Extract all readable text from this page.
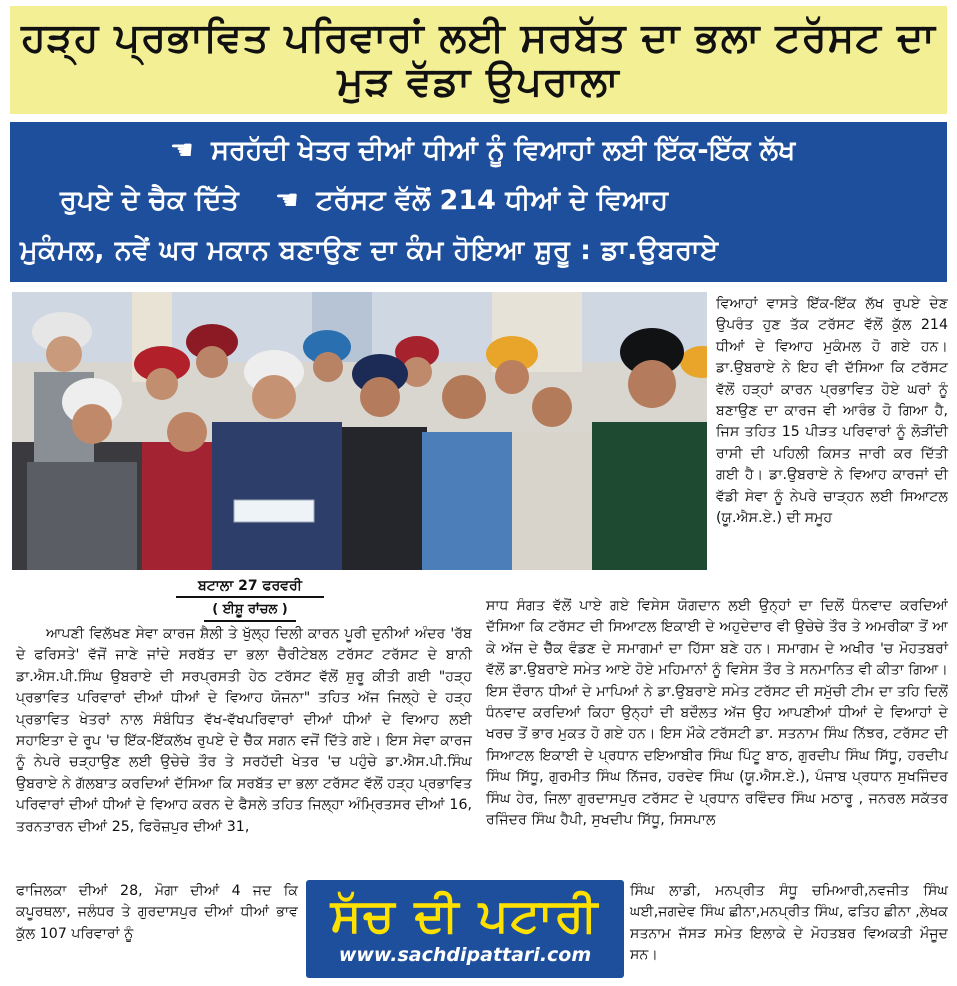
ਹੜ੍ਹ ਪ੍ਰਭਾਵਿਤ ਪਰਿਵਾਰਾਂ ਲਈ ਸਰਬੱਤ ਦਾ ਭਲਾ ਟਰੱਸਟ ਦਾ ਮੁੜ ਵੱਡਾ ਉਪਰਾਲਾ
☚ ਸਰਹੱਦੀ ਖੇਤਰ ਦੀਆਂ ਧੀਆਂ ਨੂੰ ਵਿਆਹਾਂ ਲਈ ਇੱਕ-ਇੱਕ ਲੱਖ
ਰੁਪਏ ਦੇ ਚੈਕ ਦਿੱਤੇ ☚ ਟਰੱਸਟ ਵੱਲੋਂ 214 ਧੀਆਂ ਦੇ ਵਿਆਹ
ਮੁਕੰਮਲ, ਨਵੇਂ ਘਰ ਮਕਾਨ ਬਣਾਉਣ ਦਾ ਕੰਮ ਹੋਇਆ ਸ਼ੁਰੂ : ਡਾ.ਉਬਰਾਏ

ਵਿਆਹਾਂ ਵਾਸਤੇ ਇੱਕ-ਇੱਕ ਲੱਖ ਰੁਪਏ ਦੇਣ ਉਪਰੰਤ ਹੁਣ ਤੱਕ ਟਰੱਸਟ ਵੱਲੋਂ ਕੁੱਲ 214 ਧੀਆਂ ਦੇ ਵਿਆਹ ਮੁਕੰਮਲ ਹੋ ਗਏ ਹਨ। ਡਾ.ਉਬਰਾਏ ਨੇ ਇਹ ਵੀ ਦੱਸਿਆ ਕਿ ਟਰੱਸਟ ਵੱਲੋਂ ਹੜ੍ਹਾਂ ਕਾਰਨ ਪ੍ਰਭਾਵਿਤ ਹੋਏ ਘਰਾਂ ਨੂੰ ਬਣਾਉਣ ਦਾ ਕਾਰਜ ਵੀ ਆਰੰਭ ਹੋ ਗਿਆ ਹੈ, ਜਿਸ ਤਹਿਤ 15 ਪੀੜਤ ਪਰਿਵਾਰਾਂ ਨੂੰ ਲੋੜੀਂਦੀ ਰਾਸੀ ਦੀ ਪਹਿਲੀ ਕਿਸਤ ਜਾਰੀ ਕਰ ਦਿੱਤੀ ਗਈ ਹੈ। ਡਾ.ਉਬਰਾਏ ਨੇ ਵਿਆਹ ਕਾਰਜਾਂ ਦੀ ਵੱਡੀ ਸੇਵਾ ਨੂੰ ਨੇਪਰੇ ਚਾੜ੍ਹਨ ਲਈ ਸਿਆਟਲ (ਯੂ.ਐਸ.ਏ.) ਦੀ ਸਮੂਹ

ਬਟਾਲਾ 27 ਫਰਵਰੀ
( ਈਸ਼ੂ ਰਾਂਚਲ )

ਆਪਣੀ ਵਿਲੱਖਣ ਸੇਵਾ ਕਾਰਜ ਸ਼ੈਲੀ ਤੇ ਖੁੱਲ੍ਹ ਦਿਲੀ ਕਾਰਨ ਪੂਰੀ ਦੁਨੀਆਂ ਅੰਦਰ 'ਰੱਬ ਦੇ ਫਰਿਸਤੇ' ਵੱਜੋਂ ਜਾਣੇ ਜਾਂਦੇ ਸਰਬੱਤ ਦਾ ਭਲਾ ਚੈਰੀਟੇਬਲ ਟਰੱਸਟ ਟਰੱਸਟ ਦੇ ਬਾਨੀ ਡਾ.ਐਸ.ਪੀ.ਸਿੰਘ ਉਬਰਾਏ ਦੀ ਸਰਪ੍ਰਸਤੀ ਹੇਠ ਟਰੱਸਟ ਵੱਲੋਂ ਸ਼ੁਰੂ ਕੀਤੀ ਗਈ "ਹੜ੍ਹ ਪ੍ਰਭਾਵਿਤ ਪਰਿਵਾਰਾਂ ਦੀਆਂ ਧੀਆਂ ਦੇ ਵਿਆਹ ਯੋਜਨਾ" ਤਹਿਤ ਅੱਜ ਜਿਲ੍ਹੇ ਦੇ ਹੜ੍ਹ ਪ੍ਰਭਾਵਿਤ ਖੇਤਰਾਂ ਨਾਲ ਸੰਬੰਧਿਤ ਵੱਖ-ਵੱਖਪਰਿਵਾਰਾਂ ਦੀਆਂ ਧੀਆਂ ਦੇ ਵਿਆਹ ਲਈ ਸਹਾਇਤਾ ਦੇ ਰੂਪ 'ਚ ਇੱਕ-ਇੱਕਲੱਖ ਰੁਪਏ ਦੇ ਚੈੱਕ ਸਗਨ ਵਜੋਂ ਦਿੱਤੇ ਗਏ। ਇਸ ਸੇਵਾ ਕਾਰਜ ਨੂੰ ਨੇਪਰੇ ਚੜ੍ਹਾਉਣ ਲਈ ਉਚੇਚੇ ਤੌਰ ਤੇ ਸਰਹੱਦੀ ਖੇਤਰ 'ਚ ਪਹੁੰਚੇ ਡਾ.ਐਸ.ਪੀ.ਸਿੰਘ ਉਬਰਾਏ ਨੇ ਗੱਲਬਾਤ ਕਰਦਿਆਂ ਦੱਸਿਆ ਕਿ ਸਰਬੱਤ ਦਾ ਭਲਾ ਟਰੱਸਟ ਵੱਲੋਂ ਹੜ੍ਹ ਪ੍ਰਭਾਵਿਤ ਪਰਿਵਾਰਾਂ ਦੀਆਂ ਧੀਆਂ ਦੇ ਵਿਆਹ ਕਰਨ ਦੇ ਫੈਸਲੇ ਤਹਿਤ ਜਿਲ੍ਹਾ ਅੰਮ੍ਰਿਤਸਰ ਦੀਆਂ 16, ਤਰਨਤਾਰਨ ਦੀਆਂ 25, ਫਿਰੋਜ਼ਪੁਰ ਦੀਆਂ 31,

ਸਾਧ ਸੰਗਤ ਵੱਲੋਂ ਪਾਏ ਗਏ ਵਿਸੇਸ ਯੋਗਦਾਨ ਲਈ ਉਨ੍ਹਾਂ ਦਾ ਦਿਲੋਂ ਧੰਨਵਾਦ ਕਰਦਿਆਂ ਦੱਸਿਆ ਕਿ ਟਰੱਸਟ ਦੀ ਸਿਆਟਲ ਇਕਾਈ ਦੇ ਅਹੁਦੇਦਾਰ ਵੀ ਉਚੇਚੇ ਤੌਰ ਤੇ ਅਮਰੀਕਾ ਤੋਂ ਆ ਕੇ ਅੱਜ ਦੇ ਚੈੱਕ ਵੰਡਣ ਦੇ ਸਮਾਗਮਾਂ ਦਾ ਹਿੱਸਾ ਬਣੇ ਹਨ। ਸਮਾਗਮ ਦੇ ਅਖੀਰ 'ਚ ਮੋਹਤਬਰਾਂ ਵੱਲੋਂ ਡਾ.ਉਬਰਾਏ ਸਮੇਤ ਆਏ ਹੋਏ ਮਹਿਮਾਨਾਂ ਨੂੰ ਵਿਸੇਸ ਤੌਰ ਤੇ ਸਨਮਾਨਿਤ ਵੀ ਕੀਤਾ ਗਿਆ। ਇਸ ਦੌਰਾਨ ਧੀਆਂ ਦੇ ਮਾਪਿਆਂ ਨੇ ਡਾ.ਉਬਰਾਏ ਸਮੇਤ ਟਰੱਸਟ ਦੀ ਸਮੁੱਚੀ ਟੀਮ ਦਾ ਤਹਿ ਦਿਲੋਂ ਧੰਨਵਾਦ ਕਰਦਿਆਂ ਕਿਹਾ ਉਨ੍ਹਾਂ ਦੀ ਬਦੌਲਤ ਅੱਜ ਉਹ ਆਪਣੀਆਂ ਧੀਆਂ ਦੇ ਵਿਆਹਾਂ ਦੇ ਖਰਚ ਤੋਂ ਭਾਰ ਮੁਕਤ ਹੋ ਗਏ ਹਨ। ਇਸ ਮੌਕੇ ਟਰੱਸਟੀ ਡਾ. ਸਤਨਾਮ ਸਿੰਘ ਨਿੱਝਰ, ਟਰੱਸਟ ਦੀ ਸਿਆਟਲ ਇਕਾਈ ਦੇ ਪ੍ਰਧਾਨ ਦਇਆਬੀਰ ਸਿੰਘ ਪਿੰਟੂ ਬਾਠ, ਗੁਰਦੀਪ ਸਿੰਘ ਸਿੱਧੂ, ਹਰਦੀਪ ਸਿੰਘ ਸਿੱਧੂ, ਗੁਰਮੀਤ ਸਿੰਘ ਨਿੱਜਰ, ਹਰਦੇਵ ਸਿੰਘ (ਯੂ.ਐਸ.ਏ.), ਪੰਜਾਬ ਪ੍ਰਧਾਨ ਸੁਖਜਿੰਦਰ ਸਿੰਘ ਹੇਰ, ਜਿਲਾ ਗੁਰਦਾਸਪੁਰ ਟਰੱਸਟ ਦੇ ਪ੍ਰਧਾਨ ਰਵਿੰਦਰ ਸਿੰਘ ਮਠਾਰੂ , ਜਨਰਲ ਸਕੱਤਰ ਰਜਿੰਦਰ ਸਿੰਘ ਹੈਪੀ, ਸੁਖਦੀਪ ਸਿੱਧੂ, ਸਿਸਪਾਲ

ਫਾਜਿਲਕਾ ਦੀਆਂ 28, ਮੋਗਾ ਦੀਆਂ 4 ਜਦ ਕਿ ਕਪੂਰਥਲਾ, ਜਲੰਧਰ ਤੇ ਗੁਰਦਾਸਪੁਰ ਦੀਆਂ ਧੀਆਂ ਭਾਵ ਕੁੱਲ 107 ਪਰਿਵਾਰਾਂ ਨੂੰ	ਸੱਚ ਦੀ ਪਟਾਰੀ
www.sachdipattari.com

ਸਿੰਘ ਲਾਡੀ, ਮਨਪ੍ਰੀਤ ਸੰਧੂ ਚਮਿਆਰੀ,ਨਵਜੀਤ ਸਿੰਘ ਘਈ,ਜਗਦੇਵ ਸਿੰਘ ਛੀਨਾ,ਮਨਪ੍ਰੀਤ ਸਿੰਘ, ਫਤਿਹ ਛੀਨਾ ,ਲੇਖਕ ਸਤਨਾਮ ਜੱਸੜ ਸਮੇਤ ਇਲਾਕੇ ਦੇ ਮੋਹਤਬਰ ਵਿਅਕਤੀ ਮੌਜੂਦ ਸਨ।
